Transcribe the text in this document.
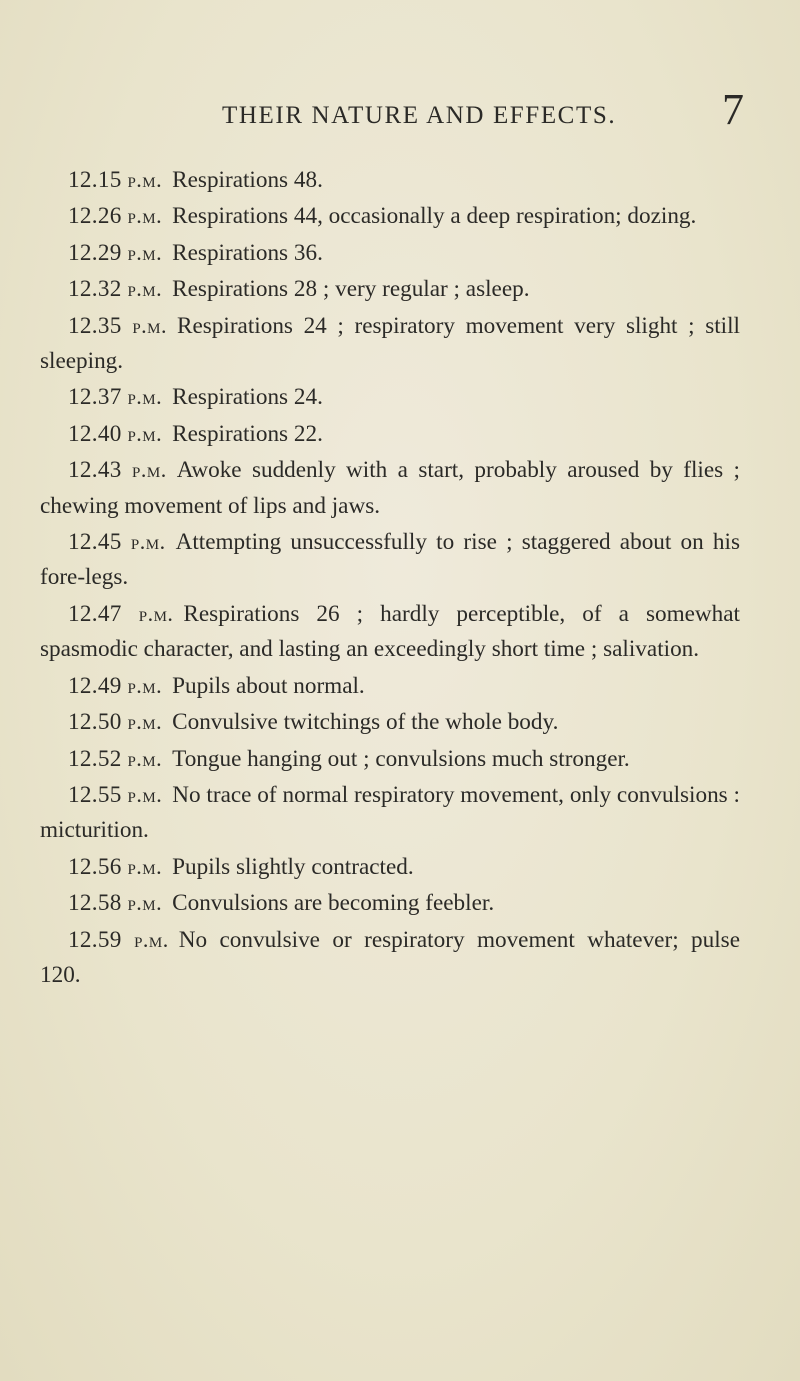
THEIR NATURE AND EFFECTS. 7

12.15 p.m. Respirations 48.

12.26 p.m. Respirations 44, occasionally a deep respiration; dozing.

12.29 p.m. Respirations 36.

12.32 p.m. Respirations 28 ; very regular ; asleep.

12.35 p.m. Respirations 24 ; respiratory movement very slight ; still sleeping.

12.37 p.m. Respirations 24.

12.40 p.m. Respirations 22.

12.43 p.m. Awoke suddenly with a start, probably aroused by flies ; chewing movement of lips and jaws.

12.45 p.m. Attempting unsuccessfully to rise ; staggered about on his fore-legs.

12.47 p.m. Respirations 26 ; hardly perceptible, of a somewhat spasmodic character, and lasting an exceedingly short time ; salivation.

12.49 p.m. Pupils about normal.

12.50 p.m. Convulsive twitchings of the whole body.

12.52 p.m. Tongue hanging out ; convulsions much stronger.

12.55 p.m. No trace of normal respiratory movement, only convulsions : micturition.

12.56 p.m. Pupils slightly contracted.

12.58 p.m. Convulsions are becoming feebler.

12.59 p.m. No convulsive or respiratory movement whatever; pulse 120.
